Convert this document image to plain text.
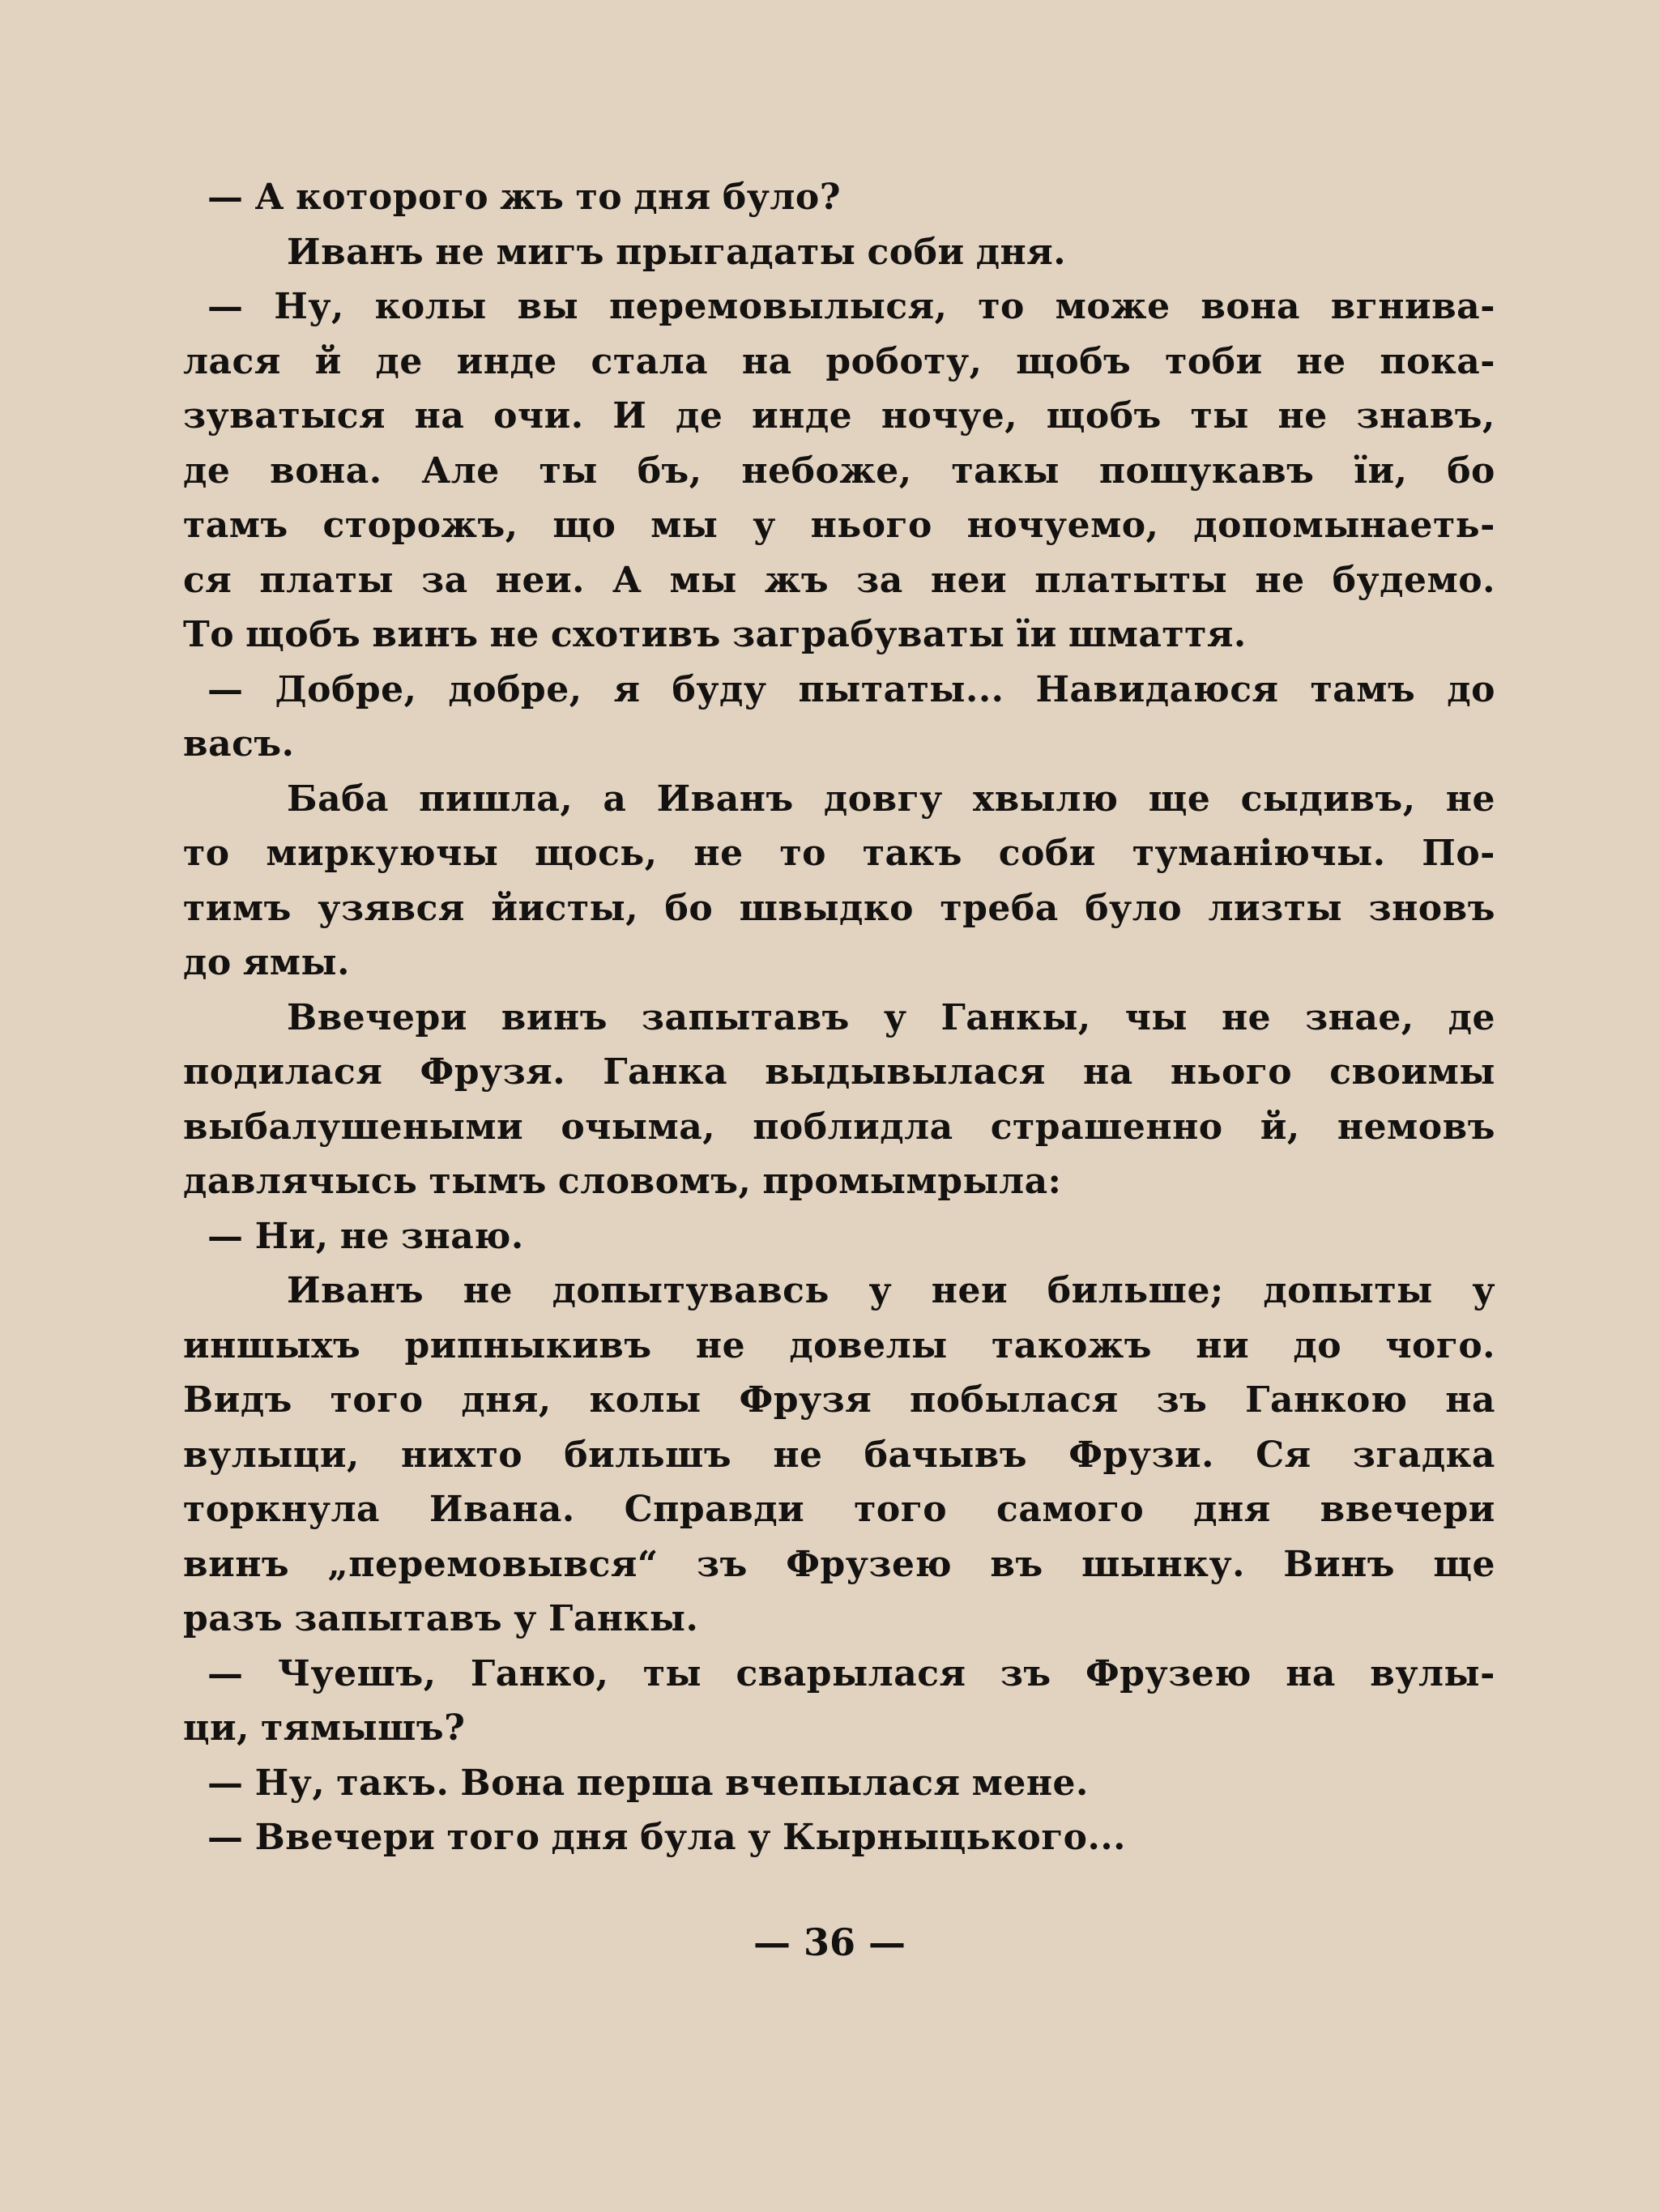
— А которого жъ то дня було?
Иванъ не мигъ прыгадаты соби дня.
— Ну, колы вы перемовылыся, то може вона вгнива-
лася й де инде стала на роботу, щобъ тоби не пока-
зуватыся на очи. И де инде ночуе, щобъ ты не знавъ,
де вона. Але ты бъ, небоже, такы пошукавъ ïи, бо
тамъ сторожъ, що мы у нього ночуемо, допомынаеть-
ся платы за неи. А мы жъ за неи платыты не будемо.
То щобъ винъ не схотивъ заграбуваты ïи шмаття.
— Добре, добре, я буду пытаты... Навидаюся тамъ до
васъ.
Баба пишла, а Иванъ довгу хвылю ще сыдивъ, не
то миркуючы щось, не то такъ соби туманiючы. По-
тимъ узявся йисты, бо швыдко треба було лизты зновъ
до ямы.
Ввечери винъ запытавъ у Ганкы, чы не знае, де
подилася Фрузя. Ганка выдывылася на нього своимы
выбалушеными очыма, поблидла страшенно й, немовъ
давлячысь тымъ словомъ, промымрыла:
— Ни, не знаю.
Иванъ не допытувавсь у неи бильше; допыты у
иншыхъ рипныкивъ не довелы такожъ ни до чого.
Видъ того дня, колы Фрузя побылася зъ Ганкою на
вулыци, нихто бильшъ не бачывъ Фрузи. Ся згадка
торкнула Ивана. Справди того самого дня ввечери
винъ „перемовывся“ зъ Фрузею въ шынку. Винъ ще
разъ запытавъ у Ганкы.
— Чуешъ, Ганко, ты сварылася зъ Фрузею на вулы-
ци, тямышъ?
— Ну, такъ. Вона перша вчепылася мене.
— Ввечери того дня була у Кырныцького...
— 36 —
